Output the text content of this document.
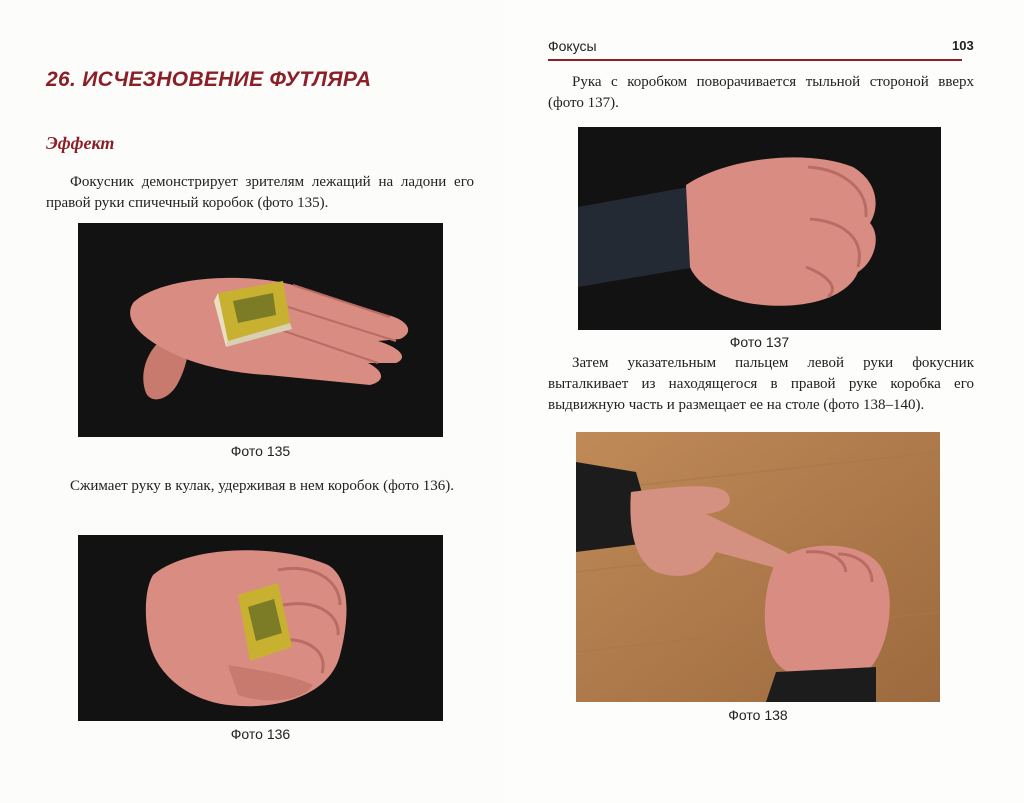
26. ИСЧЕЗНОВЕНИЕ ФУТЛЯРА
Эффект

Фокусник демонстрирует зрителям лежащий на ладони его правой руки спичечный коробок (фото 135).

Фото 135

Сжимает руку в кулак, удерживая в нем коробок (фото 136).

Фото 136

Фокусы	103

Рука с коробком поворачивается тыльной стороной вверх (фото 137).

Фото 137

Затем указательным пальцем левой руки фокусник выталкивает из находящегося в правой руке коробка его выдвижную часть и размещает ее на столе (фото 138–140).

Фото 138
